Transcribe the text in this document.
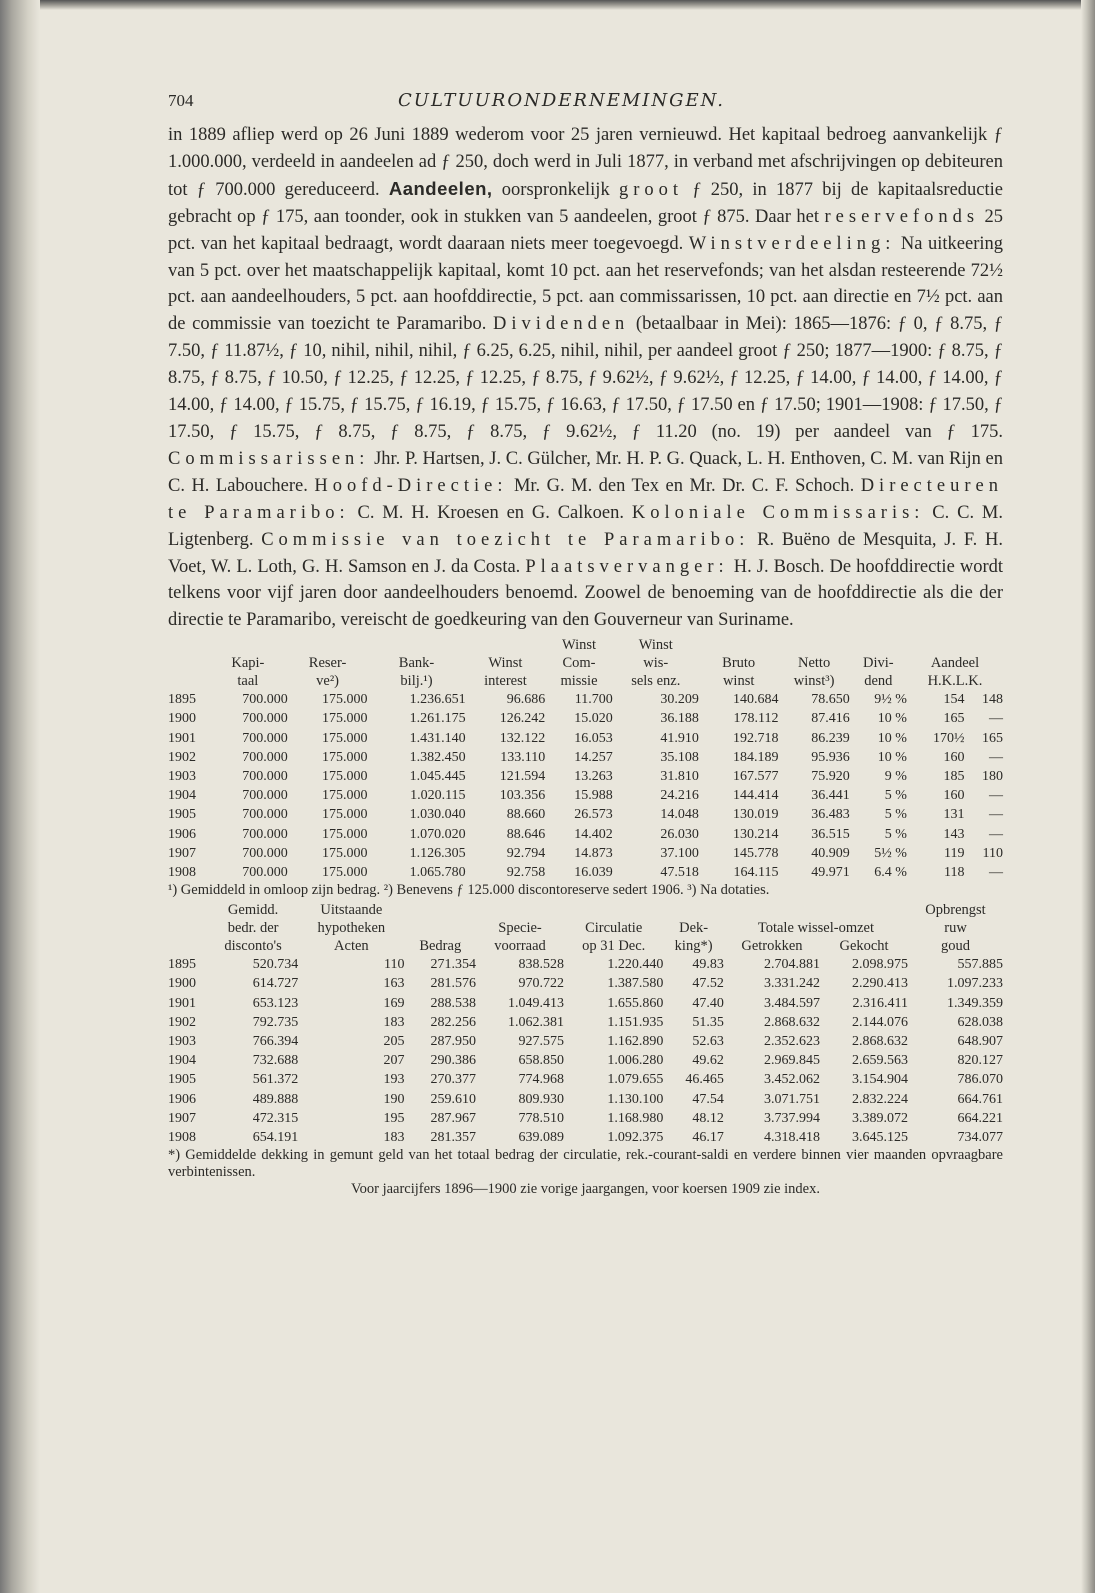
704	CULTUURONDERNEMINGEN.

in 1889 afliep werd op 26 Juni 1889 wederom voor 25 jaren vernieuwd. Het kapitaal bedroeg aanvankelijk ƒ 1.000.000, verdeeld in aandeelen ad ƒ 250, doch werd in Juli 1877, in verband met afschrijvingen op debiteuren tot ƒ 700.000 gereduceerd. Aandeelen, oorspronkelijk groot ƒ 250, in 1877 bij de kapitaalsreductie gebracht op ƒ 175, aan toonder, ook in stukken van 5 aandeelen, groot ƒ 875. Daar het reservefonds 25 pct. van het kapitaal bedraagt, wordt daaraan niets meer toegevoegd. Winstverdeeling: Na uitkeering van 5 pct. over het maatschappelijk kapitaal, komt 10 pct. aan het reservefonds; van het alsdan resteerende 72½ pct. aan aandeelhouders, 5 pct. aan hoofddirectie, 5 pct. aan commissarissen, 10 pct. aan directie en 7½ pct. aan de commissie van toezicht te Paramaribo. Dividenden (betaalbaar in Mei): 1865—1876: ƒ 0, ƒ 8.75, ƒ 7.50, ƒ 11.87½, ƒ 10, nihil, nihil, nihil, ƒ 6.25, 6.25, nihil, nihil, per aandeel groot ƒ 250; 1877—1900: ƒ 8.75, ƒ 8.75, ƒ 8.75, ƒ 10.50, ƒ 12.25, ƒ 12.25, ƒ 12.25, ƒ 8.75, ƒ 9.62½, ƒ 9.62½, ƒ 12.25, ƒ 14.00, ƒ 14.00, ƒ 14.00, ƒ 14.00, ƒ 14.00, ƒ 15.75, ƒ 15.75, ƒ 16.19, ƒ 15.75, ƒ 16.63, ƒ 17.50, ƒ 17.50 en ƒ 17.50; 1901—1908: ƒ 17.50, ƒ 17.50, ƒ 15.75, ƒ 8.75, ƒ 8.75, ƒ 8.75, ƒ 9.62½, ƒ 11.20 (no. 19) per aandeel van ƒ 175. Commissarissen: Jhr. P. Hartsen, J. C. Gülcher, Mr. H. P. G. Quack, L. H. Enthoven, C. M. van Rijn en C. H. Labouchere. Hoofd-Directie: Mr. G. M. den Tex en Mr. Dr. C. F. Schoch. Directeuren te Paramaribo: C. M. H. Kroesen en G. Calkoen. Koloniale Commissaris: C. C. M. Ligtenberg. Commissie van toezicht te Paramaribo: R. Buëno de Mesquita, J. F. H. Voet, W. L. Loth, G. H. Samson en J. da Costa. Plaatsvervanger: H. J. Bosch. De hoofddirectie wordt telkens voor vijf jaren door aandeelhouders benoemd. Zoowel de benoeming van de hoofddirectie als die der directie te Paramaribo, vereischt de goedkeuring van den Gouverneur van Suriname.

					Winst	Winst					
	Kapi-	Reser-	Bank-	Winst	Com-	wis-	Bruto	Netto	Divi-	Aandeel	
	taal	ve²)	bilj.¹)	interest	missie	sels enz.	winst	winst³)	dend	H.K.L.K.	
1895	700.000	175.000	1.236.651	96.686	11.700	30.209	140.684	78.650	9½ %	154	148
1900	700.000	175.000	1.261.175	126.242	15.020	36.188	178.112	87.416	10 %	165	—
1901	700.000	175.000	1.431.140	132.122	16.053	41.910	192.718	86.239	10 %	170½	165
1902	700.000	175.000	1.382.450	133.110	14.257	35.108	184.189	95.936	10 %	160	—
1903	700.000	175.000	1.045.445	121.594	13.263	31.810	167.577	75.920	9 %	185	180
1904	700.000	175.000	1.020.115	103.356	15.988	24.216	144.414	36.441	5 %	160	—
1905	700.000	175.000	1.030.040	88.660	26.573	14.048	130.019	36.483	5 %	131	—
1906	700.000	175.000	1.070.020	88.646	14.402	26.030	130.214	36.515	5 %	143	—
1907	700.000	175.000	1.126.305	92.794	14.873	37.100	145.778	40.909	5½ %	119	110
1908	700.000	175.000	1.065.780	92.758	16.039	47.518	164.115	49.971	6.4 %	118	—

¹) Gemiddeld in omloop zijn bedrag. ²) Benevens ƒ 125.000 discontoreserve sedert 1906. ³) Na dotaties.

	Gemidd.	Uitstaande							Opbrengst
	bedr. der	hypotheken		Specie-	Circulatie	Dek-	Totale wissel-omzet		ruw
	disconto's	Acten	Bedrag	voorraad	op 31 Dec.	king*)	Getrokken	Gekocht	goud
1895	520.734	110	271.354	838.528	1.220.440	49.83	2.704.881	2.098.975	557.885
1900	614.727	163	281.576	970.722	1.387.580	47.52	3.331.242	2.290.413	1.097.233
1901	653.123	169	288.538	1.049.413	1.655.860	47.40	3.484.597	2.316.411	1.349.359
1902	792.735	183	282.256	1.062.381	1.151.935	51.35	2.868.632	2.144.076	628.038
1903	766.394	205	287.950	927.575	1.162.890	52.63	2.352.623	2.868.632	648.907
1904	732.688	207	290.386	658.850	1.006.280	49.62	2.969.845	2.659.563	820.127
1905	561.372	193	270.377	774.968	1.079.655	46.465	3.452.062	3.154.904	786.070
1906	489.888	190	259.610	809.930	1.130.100	47.54	3.071.751	2.832.224	664.761
1907	472.315	195	287.967	778.510	1.168.980	48.12	3.737.994	3.389.072	664.221
1908	654.191	183	281.357	639.089	1.092.375	46.17	4.318.418	3.645.125	734.077

*) Gemiddelde dekking in gemunt geld van het totaal bedrag der circulatie, rek.-courant-saldi en verdere binnen vier maanden opvraagbare verbintenissen.

Voor jaarcijfers 1896—1900 zie vorige jaargangen, voor koersen 1909 zie index.
